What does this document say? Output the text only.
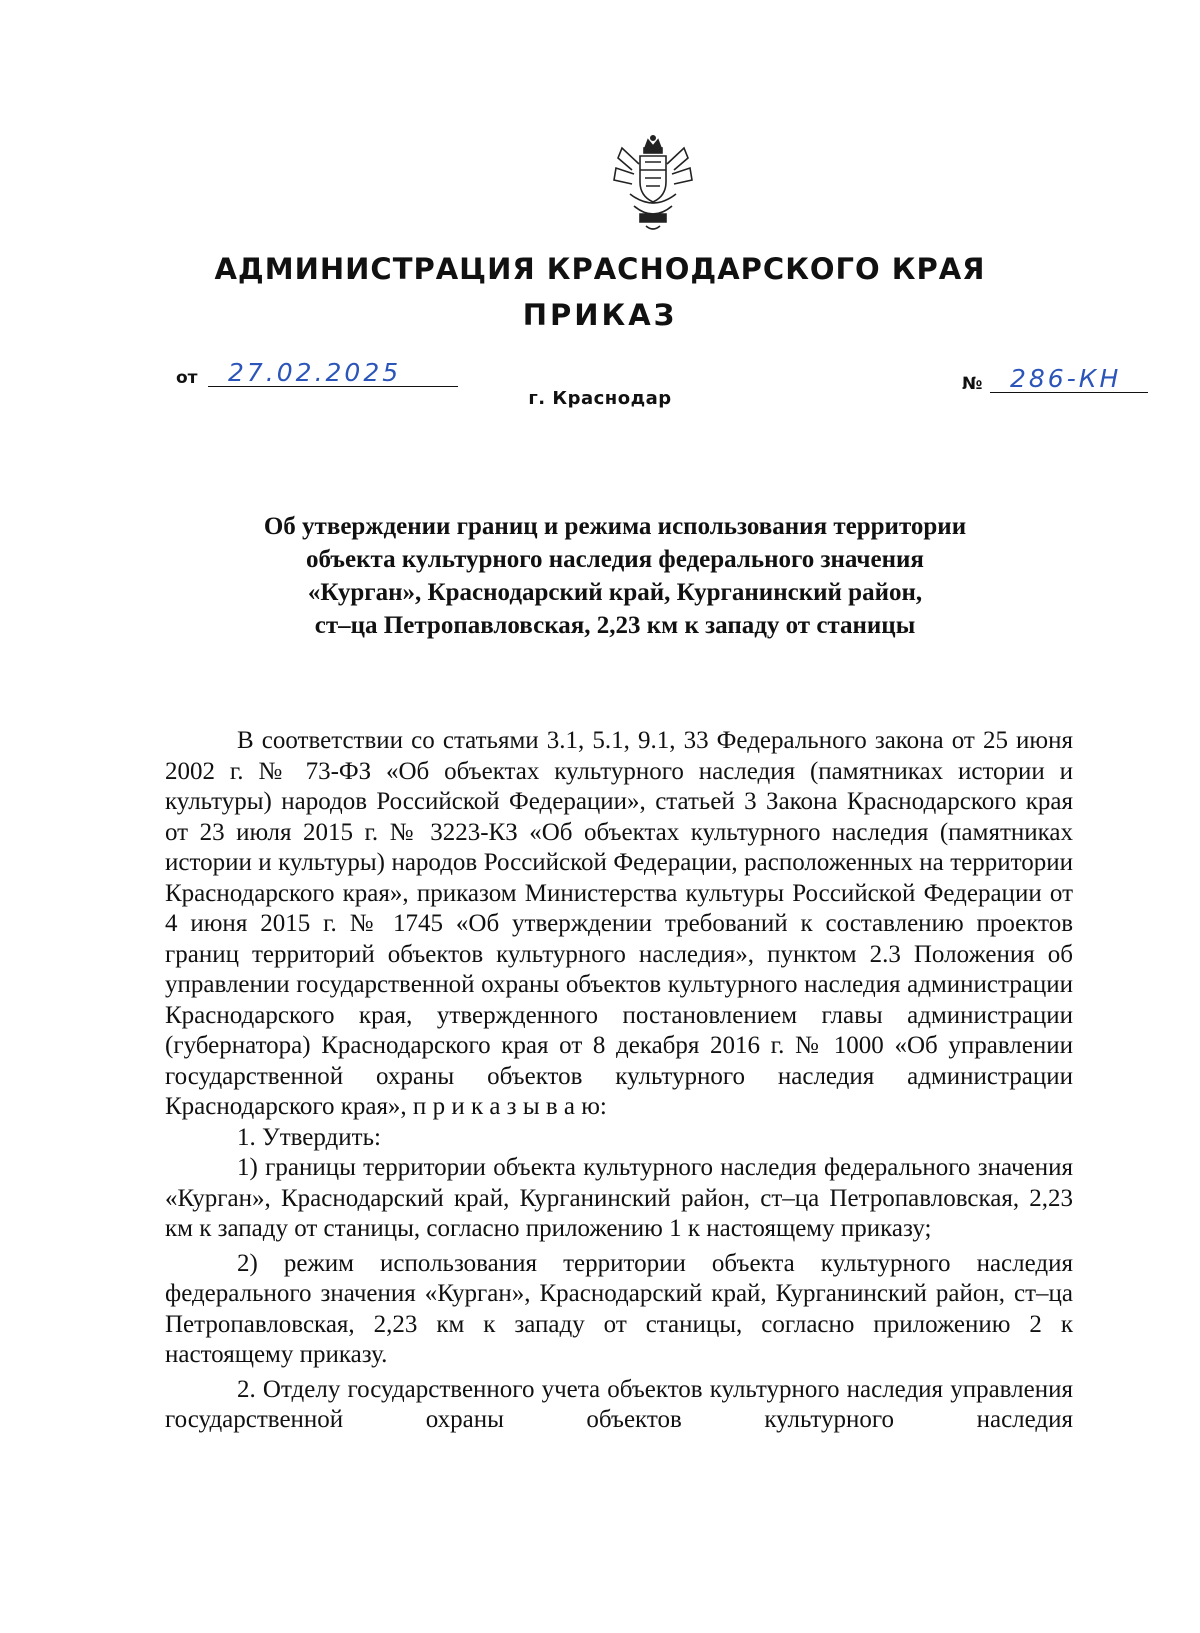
АДМИНИСТРАЦИЯ КРАСНОДАРСКОГО КРАЯ
ПРИКАЗ
от 27.02.2025
г. Краснодар
№ 286-КН
Об утверждении границ и режима использования территории
объекта культурного наследия федерального значения
«Курган», Краснодарский край, Курганинский район,
ст–ца Петропавловская, 2,23 км к западу от станицы
В соответствии со статьями 3.1, 5.1, 9.1, 33 Федерального закона от 25 июня 2002 г. № 73-ФЗ «Об объектах культурного наследия (памятниках истории и культуры) народов Российской Федерации», статьей 3 Закона Краснодарского края от 23 июля 2015 г. № 3223-КЗ «Об объектах культурного наследия (памятниках истории и культуры) народов Российской Федерации, расположенных на территории Краснодарского края», приказом Министерства культуры Российской Федерации от 4 июня 2015 г. № 1745 «Об утверждении требований к составлению проектов границ территорий объектов культурного наследия», пунктом 2.3 Положения об управлении государственной охраны объектов культурного наследия администрации Краснодарского края, утвержденного постановлением главы администрации (губернатора) Краснодарского края от 8 декабря 2016 г. № 1000 «Об управлении государственной охраны объектов культурного наследия администрации Краснодарского края», п р и к а з ы в а ю:
1. Утвердить:
1) границы территории объекта культурного наследия федерального значения «Курган», Краснодарский край, Курганинский район, ст–ца Петропавловская, 2,23 км к западу от станицы, согласно приложению 1 к настоящему приказу;
2) режим использования территории объекта культурного наследия федерального значения «Курган», Краснодарский край, Курганинский район, ст–ца Петропавловская, 2,23 км к западу от станицы, согласно приложению 2 к настоящему приказу.
2. Отделу государственного учета объектов культурного наследия управления государственной охраны объектов культурного наследия
